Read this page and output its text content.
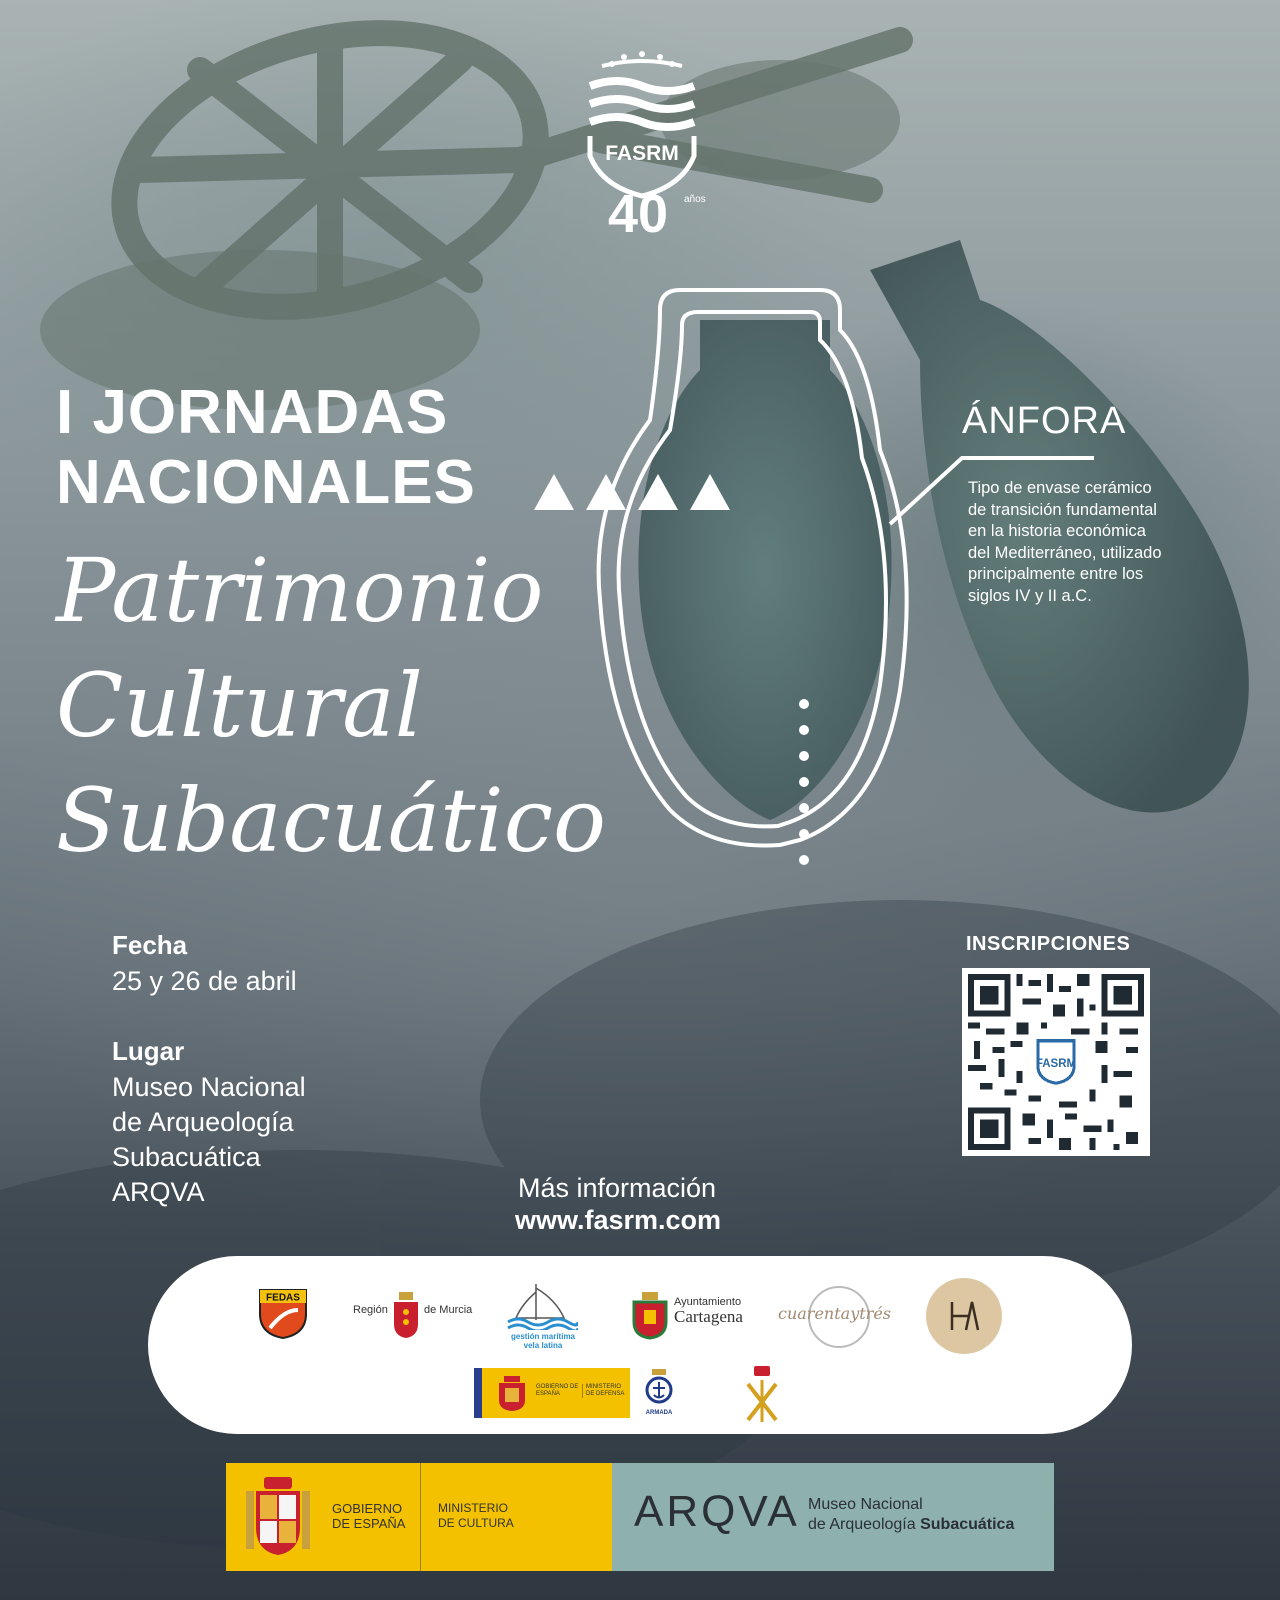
FASRM
40 años
I JORNADAS
NACIONALES
Patrimonio
Cultural
Subacuático
ÁNFORA
Tipo de envase cerámico de transición fundamental en la historia económica del Mediterráneo, utilizado principalmente entre los siglos IV y II a.C.
Fecha
25 y 26 de abril
Lugar
Museo Nacional
de Arqueología
Subacuática
ARQVA
INSCRIPCIONES
FASRM
Más información
www.fasrm.com
FEDAS
Región	de Murcia
gestión marítima
vela latina
Ayuntamiento
Cartagena cuarentaytrés
GOBIERNO DE ESPAÑA
MINISTERIO DE DEFENSA
ARMADA
GOBIERNO
DE ESPAÑA
MINISTERIO
DE CULTURA	ARQVA Museo Nacional
de Arqueología Subacuática
